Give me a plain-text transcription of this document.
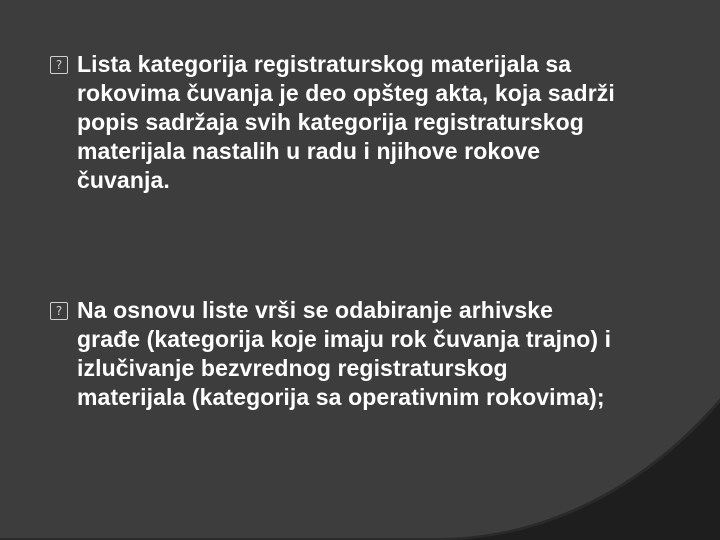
? Lista kategorija registraturskog materijala sa rokovima čuvanja je deo opšteg akta, koja sadrži popis sadržaja svih kategorija registraturskog materijala nastalih u radu i njihove rokove čuvanja.
? Na osnovu liste vrši se odabiranje arhivske građe (kategorija koje imaju rok čuvanja trajno) i izlučivanje bezvrednog registraturskog materijala (kategorija sa operativnim rokovima);
